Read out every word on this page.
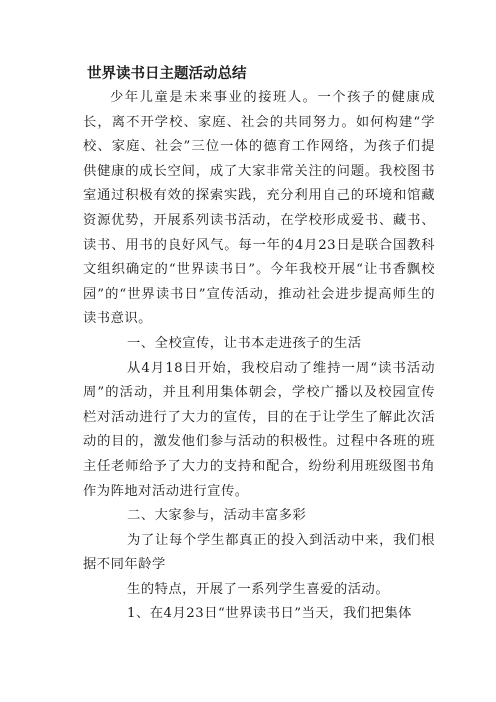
世界读书日主题活动总结

少年儿童是未来事业的接班人。一个孩子的健康成长，离不开学校、家庭、社会的共同努力。如何构建“学校、家庭、社会”三位一体的德育工作网络，为孩子们提供健康的成长空间，成了大家非常关注的问题。我校图书室通过积极有效的探索实践，充分利用自己的环境和馆藏资源优势，开展系列读书活动，在学校形成爱书、藏书、读书、用书的良好风气。每一年的4月23日是联合国教科文组织确定的“世界读书日”。今年我校开展“让书香飘校园”的“世界读书日”宣传活动，推动社会进步提高师生的读书意识。

一、全校宣传，让书本走进孩子的生活

从4月18日开始，我校启动了维持一周“读书活动周”的活动，并且利用集体朝会，学校广播以及校园宣传栏对活动进行了大力的宣传，目的在于让学生了解此次活动的目的，激发他们参与活动的积极性。过程中各班的班主任老师给予了大力的支持和配合，纷纷利用班级图书角作为阵地对活动进行宣传。

二、大家参与，活动丰富多彩

为了让每个学生都真正的投入到活动中来，我们根据不同年龄学

生的特点，开展了一系列学生喜爱的活动。

1、在4月23日“世界读书日”当天，我们把集体
